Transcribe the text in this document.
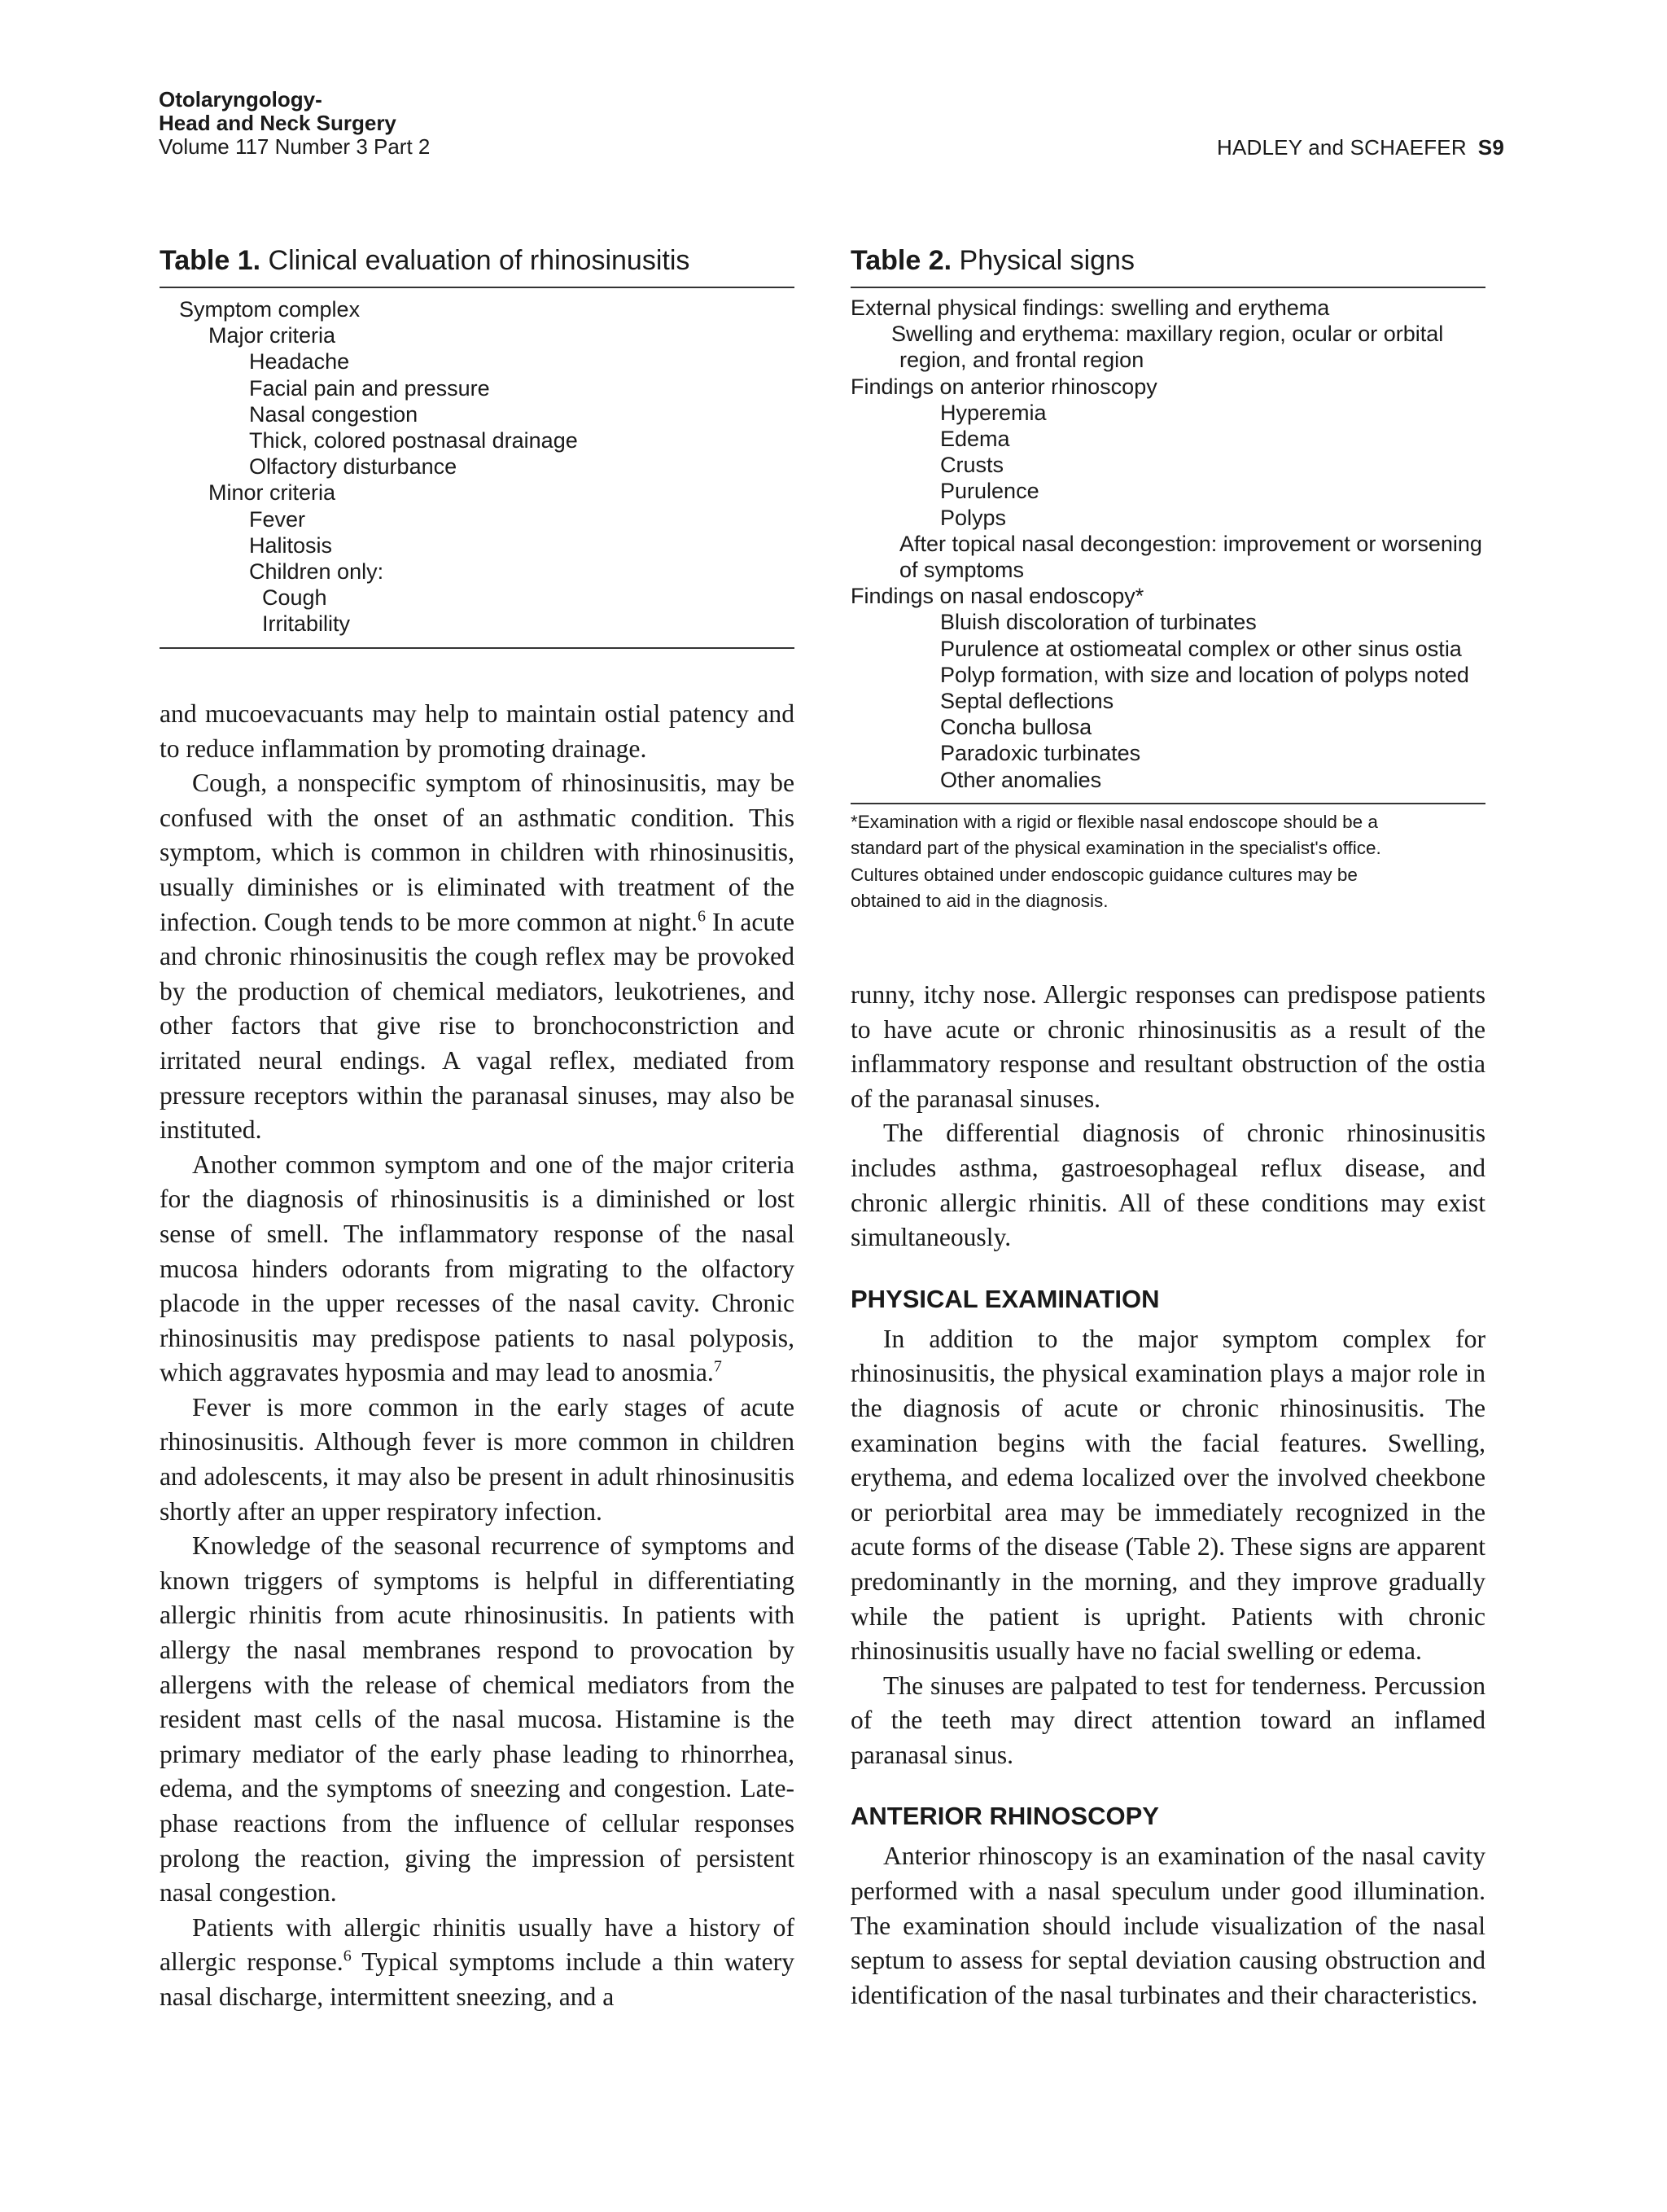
Otolaryngology-
Head and Neck Surgery
Volume 117 Number 3 Part 2	HADLEY and SCHAEFER S9
Table 1. Clinical evaluation of rhinosinusitis
Symptom complex
Major criteria
Headache
Facial pain and pressure
Nasal congestion
Thick, colored postnasal drainage
Olfactory disturbance
Minor criteria
Fever
Halitosis
Children only:
Cough
Irritability

and mucoevacuants may help to maintain ostial patency and to reduce inflammation by promoting drainage.

Cough, a nonspecific symptom of rhinosinusitis, may be confused with the onset of an asthmatic condition. This symptom, which is common in children with rhinosinusitis, usually diminishes or is eliminated with treatment of the infection. Cough tends to be more common at night.$^6$ In acute and chronic rhinosinusitis the cough reflex may be provoked by the production of chemical mediators, leukotrienes, and other factors that give rise to bronchoconstriction and irritated neural endings. A vagal reflex, mediated from pressure receptors within the paranasal sinuses, may also be instituted.

Another common symptom and one of the major criteria for the diagnosis of rhinosinusitis is a diminished or lost sense of smell. The inflammatory response of the nasal mucosa hinders odorants from migrating to the olfactory placode in the upper recesses of the nasal cavity. Chronic rhinosinusitis may predispose patients to nasal polyposis, which aggravates hyposmia and may lead to anosmia.$^7$

Fever is more common in the early stages of acute rhinosinusitis. Although fever is more common in children and adolescents, it may also be present in adult rhinosinusitis shortly after an upper respiratory infection.

Knowledge of the seasonal recurrence of symptoms and known triggers of symptoms is helpful in differentiating allergic rhinitis from acute rhinosinusitis. In patients with allergy the nasal membranes respond to provocation by allergens with the release of chemical mediators from the resident mast cells of the nasal mucosa. Histamine is the primary mediator of the early phase leading to rhinorrhea, edema, and the symptoms of sneezing and congestion. Late-phase reactions from the influence of cellular responses prolong the reaction, giving the impression of persistent nasal congestion.

Patients with allergic rhinitis usually have a history of allergic response.$^6$ Typical symptoms include a thin watery nasal discharge, intermittent sneezing, and a

Table 2. Physical signs
External physical findings: swelling and erythema
Swelling and erythema: maxillary region, ocular or orbital region, and frontal region
Findings on anterior rhinoscopy
Hyperemia
Edema
Crusts
Purulence
Polyps
After topical nasal decongestion: improvement or worsening of symptoms
Findings on nasal endoscopy*
Bluish discoloration of turbinates
Purulence at ostiomeatal complex or other sinus ostia
Polyp formation, with size and location of polyps noted
Septal deflections
Concha bullosa
Paradoxic turbinates
Other anomalies
*Examination with a rigid or flexible nasal endoscope should be a
standard part of the physical examination in the specialist's office.
Cultures obtained under endoscopic guidance cultures may be
obtained to aid in the diagnosis.

runny, itchy nose. Allergic responses can predispose patients to have acute or chronic rhinosinusitis as a result of the inflammatory response and resultant obstruction of the ostia of the paranasal sinuses.

The differential diagnosis of chronic rhinosinusitis includes asthma, gastroesophageal reflux disease, and chronic allergic rhinitis. All of these conditions may exist simultaneously.

PHYSICAL EXAMINATION

In addition to the major symptom complex for rhinosinusitis, the physical examination plays a major role in the diagnosis of acute or chronic rhinosinusitis. The examination begins with the facial features. Swelling, erythema, and edema localized over the involved cheekbone or periorbital area may be immediately recognized in the acute forms of the disease (Table 2). These signs are apparent predominantly in the morning, and they improve gradually while the patient is upright. Patients with chronic rhinosinusitis usually have no facial swelling or edema.

The sinuses are palpated to test for tenderness. Percussion of the teeth may direct attention toward an inflamed paranasal sinus.

ANTERIOR RHINOSCOPY

Anterior rhinoscopy is an examination of the nasal cavity performed with a nasal speculum under good illumination. The examination should include visualization of the nasal septum to assess for septal deviation causing obstruction and identification of the nasal turbinates and their characteristics.
